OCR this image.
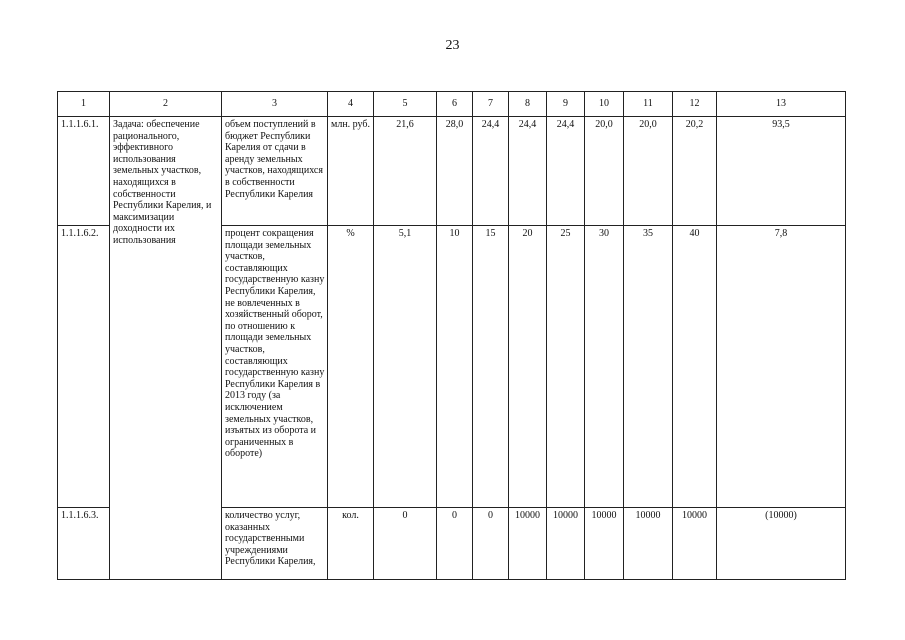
23
1	2	3	4	5	6	7	8	9	10	11	12	13
1.1.1.6.1.	Задача: обеспечение рационального, эффективного использования земельных участков, находящихся в собственности Республики Карелия, и максимизации доходности их использования	объем поступлений в бюджет Республики Карелия от сдачи в аренду земельных участков, находящихся в собственности Республики Карелия	млн. руб.	21,6	28,0	24,4	24,4	24,4	20,0	20,0	20,2	93,5
1.1.1.6.2.		процент сокращения площади земельных участков, составляющих государственную казну Республики Карелия, не вовлеченных в хозяйственный оборот, по отношению к площади земельных участков, составляющих государственную казну Республики Карелия в 2013 году (за исключением земельных участков, изъятых из оборота и ограниченных в обороте)	%	5,1	10	15	20	25	30	35	40	7,8
1.1.1.6.3.		количество услуг, оказанных государственными учреждениями Республики Карелия,	кол.	0	0	0	10000	10000	10000	10000	10000	(10000)
